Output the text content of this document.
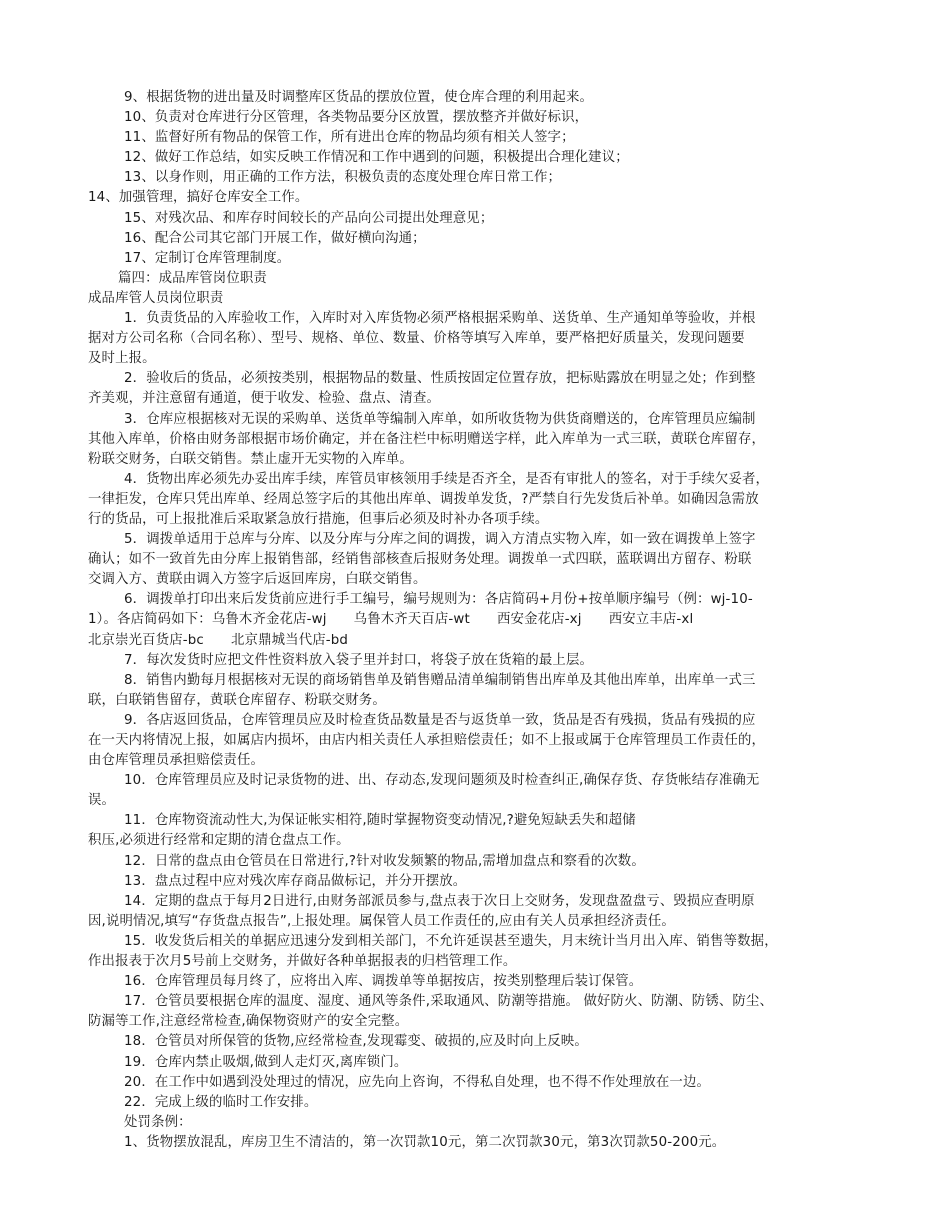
9、根据货物的进出量及时调整库区货品的摆放位置，使仓库合理的利用起来。
10、负责对仓库进行分区管理，各类物品要分区放置，摆放整齐并做好标识，
11、监督好所有物品的保管工作，所有进出仓库的物品均须有相关人签字；
12、做好工作总结，如实反映工作情况和工作中遇到的问题，积极提出合理化建议；
13、以身作则，用正确的工作方法，积极负责的态度处理仓库日常工作；
14、加强管理，搞好仓库安全工作。
15、对残次品、和库存时间较长的产品向公司提出处理意见；
16、配合公司其它部门开展工作，做好横向沟通；
17、定制订仓库管理制度。
篇四：成品库管岗位职责
成品库管人员岗位职责
1．负责货品的入库验收工作，入库时对入库货物必须严格根据采购单、送货单、生产通知单等验收，并根
据对方公司名称（合同名称）、型号、规格、单位、数量、价格等填写入库单，要严格把好质量关，发现问题要
及时上报。
2．验收后的货品，必须按类别，根据物品的数量、性质按固定位置存放，把标贴露放在明显之处；作到整
齐美观，并注意留有通道，便于收发、检验、盘点、清查。
3．仓库应根据核对无误的采购单、送货单等编制入库单，如所收货物为供货商赠送的，仓库管理员应编制
其他入库单，价格由财务部根据市场价确定，并在备注栏中标明赠送字样，此入库单为一式三联，黄联仓库留存，
粉联交财务，白联交销售。禁止虚开无实物的入库单。
4．货物出库必须先办妥出库手续，库管员审核领用手续是否齐全，是否有审批人的签名，对于手续欠妥者，
一律拒发，仓库只凭出库单、经周总签字后的其他出库单、调拨单发货，?严禁自行先发货后补单。如确因急需放
行的货品，可上报批准后采取紧急放行措施，但事后必须及时补办各项手续。
5．调拨单适用于总库与分库、以及分库与分库之间的调拨，调入方清点实物入库，如一致在调拨单上签字
确认；如不一致首先由分库上报销售部，经销售部核查后报财务处理。调拨单一式四联，蓝联调出方留存、粉联
交调入方、黄联由调入方签字后返回库房，白联交销售。
6．调拨单打印出来后发货前应进行手工编号，编号规则为：各店简码+月份+按单顺序编号（例：wj-10-
1）。各店简码如下：乌鲁木齐金花店-wj　　乌鲁木齐天百店-wt　　西安金花店-xj　　西安立丰店-xl
北京崇光百货店-bc　　北京鼎城当代店-bd
7．每次发货时应把文件性资料放入袋子里并封口，将袋子放在货箱的最上层。
8．销售内勤每月根据核对无误的商场销售单及销售赠品清单编制销售出库单及其他出库单，出库单一式三
联，白联销售留存，黄联仓库留存、粉联交财务。
9．各店返回货品，仓库管理员应及时检查货品数量是否与返货单一致，货品是否有残损，货品有残损的应
在一天内将情况上报，如属店内损坏，由店内相关责任人承担赔偿责任；如不上报或属于仓库管理员工作责任的，
由仓库管理员承担赔偿责任。
10．仓库管理员应及时记录货物的进、出、存动态,发现问题须及时检查纠正,确保存货、存货帐结存准确无
误。
11．仓库物资流动性大,为保证帐实相符,随时掌握物资变动情况,?避免短缺丢失和超储
积压,必须进行经常和定期的清仓盘点工作。
12．日常的盘点由仓管员在日常进行,?针对收发频繁的物品,需增加盘点和察看的次数。
13．盘点过程中应对残次库存商品做标记，并分开摆放。
14．定期的盘点于每月2日进行,由财务部派员参与,盘点表于次日上交财务，发现盘盈盘亏、毁损应查明原
因,说明情况,填写“存货盘点报告”,上报处理。属保管人员工作责任的,应由有关人员承担经济责任。
15．收发货后相关的单据应迅速分发到相关部门，不允许延误甚至遗失，月末统计当月出入库、销售等数据，
作出报表于次月5号前上交财务，并做好各种单据报表的归档管理工作。
16．仓库管理员每月终了，应将出入库、调拨单等单据按店，按类别整理后装订保管。
17．仓管员要根据仓库的温度、湿度、通风等条件,采取通风、防潮等措施。 做好防火、防潮、防锈、防尘、
防漏等工作,注意经常检查,确保物资财产的安全完整。
18．仓管员对所保管的货物,应经常检查,发现霉变、破损的,应及时向上反映。
19．仓库内禁止吸烟,做到人走灯灭,离库锁门。
20．在工作中如遇到没处理过的情况，应先向上咨询，不得私自处理，也不得不作处理放在一边。
22．完成上级的临时工作安排。
处罚条例：
1、货物摆放混乱，库房卫生不清洁的，第一次罚款10元，第二次罚款30元，第3次罚款50-200元。
